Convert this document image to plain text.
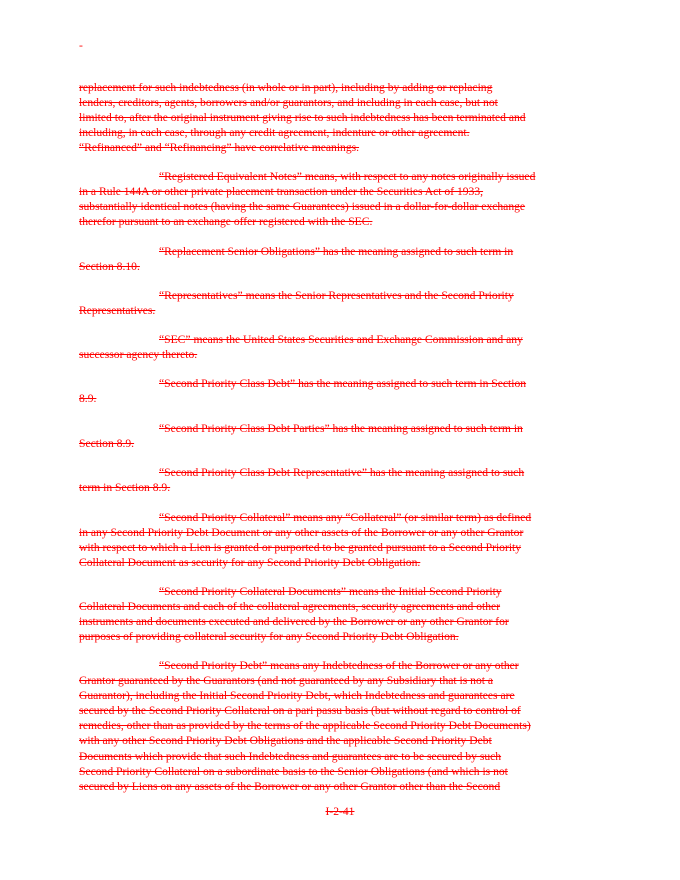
-
replacement for such indebtedness (in whole or in part), including by adding or replacing
lenders, creditors, agents, borrowers and/or guarantors, and including in each case, but not
limited to, after the original instrument giving rise to such indebtedness has been terminated and
including, in each case, through any credit agreement, indenture or other agreement.
“Refinanced” and “Refinancing” have correlative meanings.
“Registered Equivalent Notes” means, with respect to any notes originally issued
in a Rule 144A or other private placement transaction under the Securities Act of 1933,
substantially identical notes (having the same Guarantees) issued in a dollar-for-dollar exchange
therefor pursuant to an exchange offer registered with the SEC.
“Replacement Senior Obligations” has the meaning assigned to such term in
Section 8.10.
“Representatives” means the Senior Representatives and the Second Priority
Representatives.
“SEC” means the United States Securities and Exchange Commission and any
successor agency thereto.
“Second Priority Class Debt” has the meaning assigned to such term in Section
8.9.
“Second Priority Class Debt Parties” has the meaning assigned to such term in
Section 8.9.
“Second Priority Class Debt Representative” has the meaning assigned to such
term in Section 8.9.
“Second Priority Collateral” means any “Collateral” (or similar term) as defined
in any Second Priority Debt Document or any other assets of the Borrower or any other Grantor
with respect to which a Lien is granted or purported to be granted pursuant to a Second Priority
Collateral Document as security for any Second Priority Debt Obligation.
“Second Priority Collateral Documents” means the Initial Second Priority
Collateral Documents and each of the collateral agreements, security agreements and other
instruments and documents executed and delivered by the Borrower or any other Grantor for
purposes of providing collateral security for any Second Priority Debt Obligation.
“Second Priority Debt” means any Indebtedness of the Borrower or any other
Grantor guaranteed by the Guarantors (and not guaranteed by any Subsidiary that is not a
Guarantor), including the Initial Second Priority Debt, which Indebtedness and guarantees are
secured by the Second Priority Collateral on a pari passu basis (but without regard to control of
remedies, other than as provided by the terms of the applicable Second Priority Debt Documents)
with any other Second Priority Debt Obligations and the applicable Second Priority Debt
Documents which provide that such Indebtedness and guarantees are to be secured by such
Second Priority Collateral on a subordinate basis to the Senior Obligations (and which is not
secured by Liens on any assets of the Borrower or any other Grantor other than the Second
I-2-41
